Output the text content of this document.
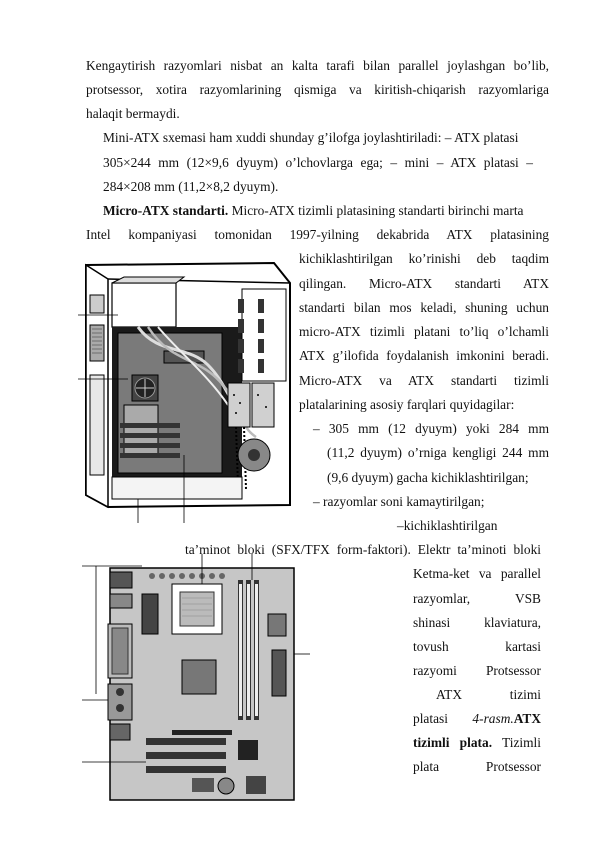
Kengaytirish razyomlari nisbat an kalta tarafi bilan parallel joylashgan bo’lib,
protsessor, xotira razyomlarining qismiga va kiritish-chiqarish razyomlariga
halaqit bermaydi.
Mini-ATX sxemasi ham xuddi shunday g’ilofga joylashtiriladi: – ATX platasi
305×244 mm (12×9,6 dyuym) o’lchovlarga ega; – mini – ATX platasi –
284×208 mm (11,2×8,2 dyuym).
Micro-ATX standarti. Micro-ATX tizimli platasining standarti birinchi marta
Intel kompaniyasi tomonidan 1997-yilning dekabrida ATX platasining
kichiklashtirilgan ko’rinishi deb taqdim
qilingan. Micro-ATX standarti ATX
standarti bilan mos keladi, shuning uchun
micro-ATX tizimli platani to’liq o’lchamli
ATX g’ilofida foydalanish imkonini beradi.
Micro-ATX va ATX standarti tizimli
platalarining asosiy farqlari quyidagilar:
– 305 mm (12 dyuym) yoki 284 mm
(11,2 dyuym) o’rniga kengligi 244 mm
(9,6 dyuym) gacha kichiklashtirilgan;
– razyomlar soni kamaytirilgan;
–kichiklashtirilgan
ta’minot bloki (SFX/TFX form-faktori). Elektr ta’minoti bloki
Ketma-ket va parallel
razyomlar, VSB
shinasi klaviatura,
tovush kartasi
razyomi Protsessor
ATX tizimi
platasi 4-rasm.ATX
tizimli plata. Tizimli
plata Protsessor
